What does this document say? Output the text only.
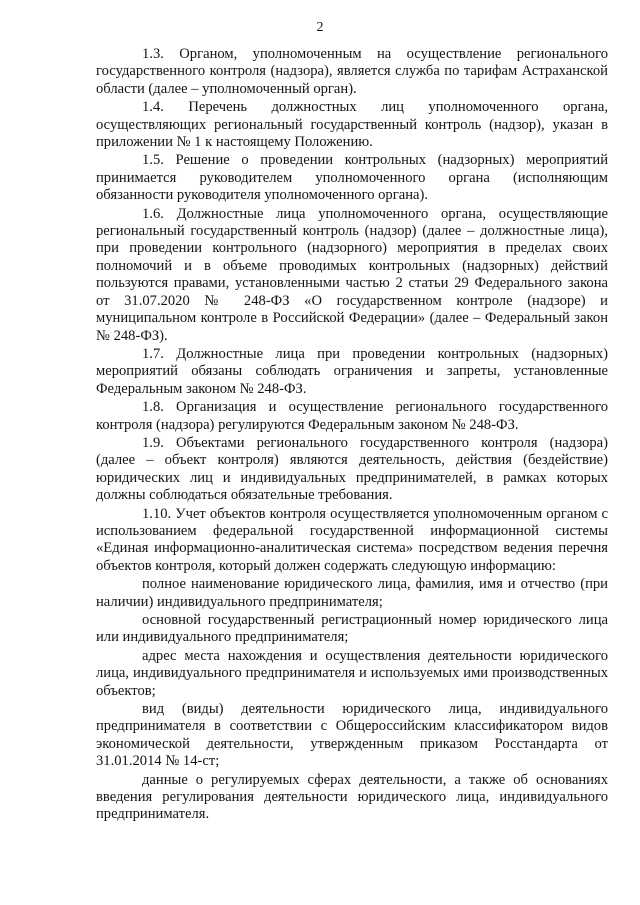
2

1.3. Органом, уполномоченным на осуществление регионального государственного контроля (надзора), является служба по тарифам Астраханской области (далее – уполномоченный орган).

1.4. Перечень должностных лиц уполномоченного органа, осуществляющих региональный государственный контроль (надзор), указан в приложении № 1 к настоящему Положению.

1.5. Решение о проведении контрольных (надзорных) мероприятий принимается руководителем уполномоченного органа (исполняющим обязанности руководителя уполномоченного органа).

1.6. Должностные лица уполномоченного органа, осуществляющие региональный государственный контроль (надзор) (далее – должностные лица), при проведении контрольного (надзорного) мероприятия в пределах своих полномочий и в объеме проводимых контрольных (надзорных) действий пользуются правами, установленными частью 2 статьи 29 Федерального закона от 31.07.2020 № 248-ФЗ «О государственном контроле (надзоре) и муниципальном контроле в Российской Федерации» (далее – Федеральный закон № 248-ФЗ).

1.7. Должностные лица при проведении контрольных (надзорных) мероприятий обязаны соблюдать ограничения и запреты, установленные Федеральным законом № 248-ФЗ.

1.8. Организация и осуществление регионального государственного контроля (надзора) регулируются Федеральным законом № 248-ФЗ.

1.9. Объектами регионального государственного контроля (надзора) (далее – объект контроля) являются деятельность, действия (бездействие) юридических лиц и индивидуальных предпринимателей, в рамках которых должны соблюдаться обязательные требования.

1.10. Учет объектов контроля осуществляется уполномоченным органом с использованием федеральной государственной информационной системы «Единая информационно-аналитическая система» посредством ведения перечня объектов контроля, который должен содержать следующую информацию:

полное наименование юридического лица, фамилия, имя и отчество (при наличии) индивидуального предпринимателя;

основной государственный регистрационный номер юридического лица или индивидуального предпринимателя;

адрес места нахождения и осуществления деятельности юридического лица, индивидуального предпринимателя и используемых ими производственных объектов;

вид (виды) деятельности юридического лица, индивидуального предпринимателя в соответствии с Общероссийским классификатором видов экономической деятельности, утвержденным приказом Росстандарта от 31.01.2014 № 14-ст;

данные о регулируемых сферах деятельности, а также об основаниях введения регулирования деятельности юридического лица, индивидуального предпринимателя.
